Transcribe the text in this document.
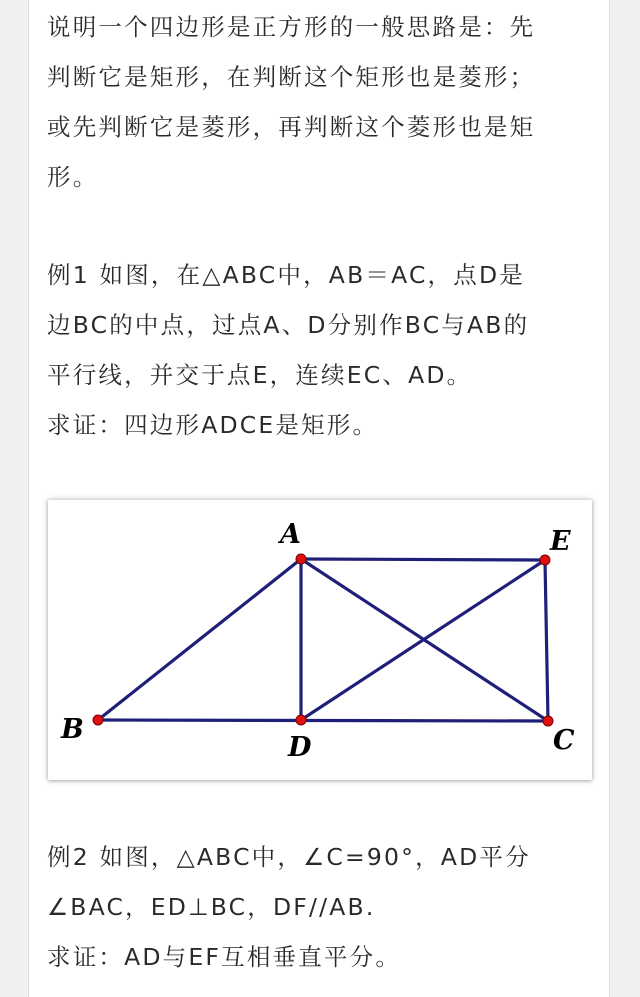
说明一个四边形是正方形的一般思路是：先
判断它是矩形，在判断这个矩形也是菱形；
或先判断它是菱形，再判断这个菱形也是矩
形。

例1 如图，在△ABC中，AB＝AC，点D是
边BC的中点，过点A、D分别作BC与AB的
平行线，并交于点E，连续EC、AD。
求证：四边形ADCE是矩形。

A
B	C
D
E

例2 如图，△ABC中，∠C=90°，AD平分
∠BAC，ED⊥BC，DF//AB.
求证：AD与EF互相垂直平分。
